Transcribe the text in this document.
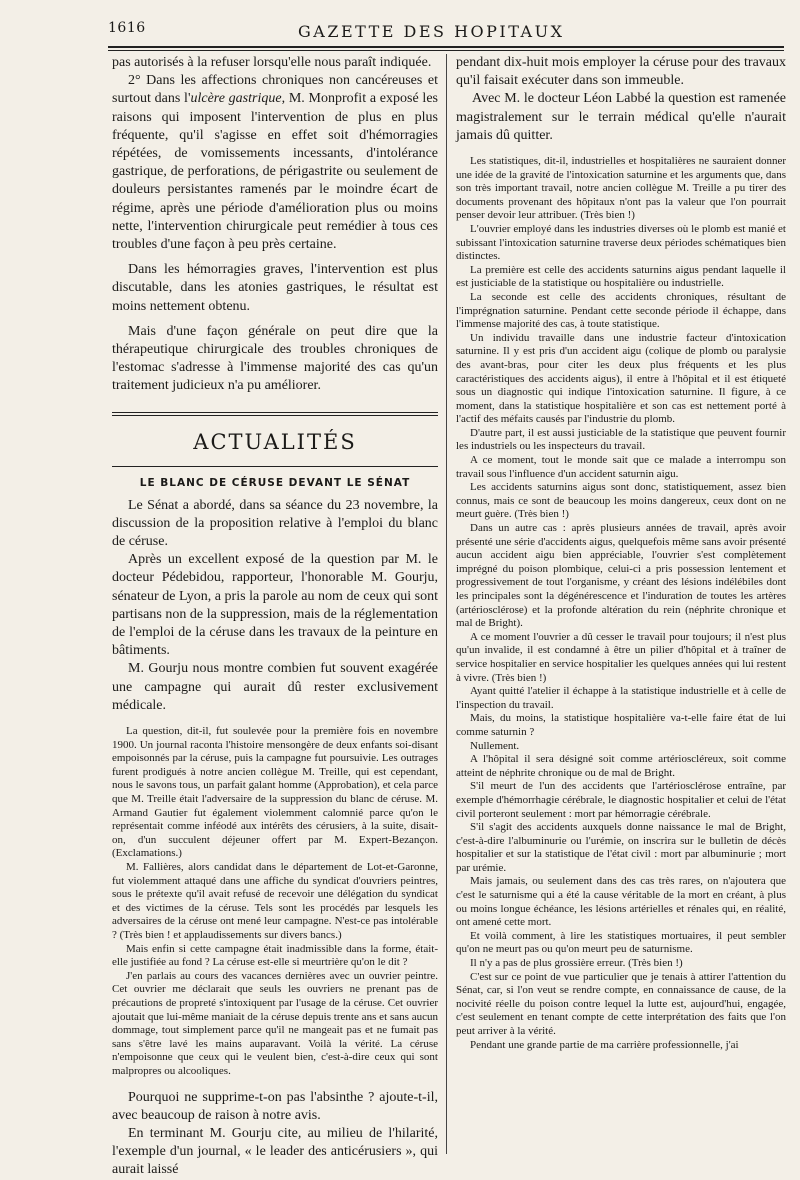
1616	GAZETTE DES HOPITAUX

pas autorisés à la refuser lorsqu'elle nous paraît indiquée.

2° Dans les affections chroniques non cancéreuses et surtout dans l'ulcère gastrique, M. Monprofit a exposé les raisons qui imposent l'intervention de plus en plus fréquente, qu'il s'agisse en effet soit d'hémorragies répétées, de vomissements incessants, d'intolérance gastrique, de perforations, de périgastrite ou seulement de douleurs persistantes ramenés par le moindre écart de régime, après une période d'amélioration plus ou moins nette, l'intervention chirurgicale peut remédier à tous ces troubles d'une façon à peu près certaine.

Dans les hémorragies graves, l'intervention est plus discutable, dans les atonies gastriques, le résultat est moins nettement obtenu.

Mais d'une façon générale on peut dire que la thérapeutique chirurgicale des troubles chroniques de l'estomac s'adresse à l'immense majorité des cas qu'un traitement judicieux n'a pu améliorer.

ACTUALITÉS
LE BLANC DE CÉRUSE DEVANT LE SÉNAT

Le Sénat a abordé, dans sa séance du 23 novembre, la discussion de la proposition relative à l'emploi du blanc de céruse.

Après un excellent exposé de la question par M. le docteur Pédebidou, rapporteur, l'honorable M. Gourju, sénateur de Lyon, a pris la parole au nom de ceux qui sont partisans non de la suppression, mais de la réglementation de l'emploi de la céruse dans les travaux de la peinture en bâtiments.

M. Gourju nous montre combien fut souvent exagérée une campagne qui aurait dû rester exclusivement médicale.

La question, dit-il, fut soulevée pour la première fois en novembre 1900. Un journal raconta l'histoire mensongère de deux enfants soi-disant empoisonnés par la céruse, puis la campagne fut poursuivie. Les outrages furent prodigués à notre ancien collègue M. Treille, qui est cependant, nous le savons tous, un parfait galant homme (Approbation), et cela parce que M. Treille était l'adversaire de la suppression du blanc de céruse. M. Armand Gautier fut également violemment calomnié parce qu'on le représentait comme inféodé aux intérêts des cérusiers, à la suite, disait-on, d'un succulent déjeuner offert par M. Expert-Bezançon. (Exclamations.)

M. Fallières, alors candidat dans le département de Lot-et-Garonne, fut violemment attaqué dans une affiche du syndicat d'ouvriers peintres, sous le prétexte qu'il avait refusé de recevoir une délégation du syndicat et des victimes de la céruse. Tels sont les procédés par lesquels les adversaires de la céruse ont mené leur campagne. N'est-ce pas intolérable ? (Très bien ! et applaudissements sur divers bancs.)

Mais enfin si cette campagne était inadmissible dans la forme, était-elle justifiée au fond ? La céruse est-elle si meurtrière qu'on le dit ?

J'en parlais au cours des vacances dernières avec un ouvrier peintre. Cet ouvrier me déclarait que seuls les ouvriers ne prenant pas de précautions de propreté s'intoxiquent par l'usage de la céruse. Cet ouvrier ajoutait que lui-même maniait de la céruse depuis trente ans et sans aucun dommage, tout simplement parce qu'il ne mangeait pas et ne fumait pas sans s'être lavé les mains auparavant. Voilà la vérité. La céruse n'empoisonne que ceux qui le veulent bien, c'est-à-dire ceux qui sont malpropres ou alcooliques.

Pourquoi ne supprime-t-on pas l'absinthe ? ajoute-t-il, avec beaucoup de raison à notre avis.

En terminant M. Gourju cite, au milieu de l'hilarité, l'exemple d'un journal, « le leader des anticérusiers », qui aurait laissé

pendant dix-huit mois employer la céruse pour des travaux qu'il faisait exécuter dans son immeuble.

Avec M. le docteur Léon Labbé la question est ramenée magistralement sur le terrain médical qu'elle n'aurait jamais dû quitter.

Les statistiques, dit-il, industrielles et hospitalières ne sauraient donner une idée de la gravité de l'intoxication saturnine et les arguments que, dans son très important travail, notre ancien collègue M. Treille a pu tirer des documents provenant des hôpitaux n'ont pas la valeur que l'on pourrait penser devoir leur attribuer. (Très bien !)

L'ouvrier employé dans les industries diverses où le plomb est manié et subissant l'intoxication saturnine traverse deux périodes schématiques bien distinctes.

La première est celle des accidents saturnins aigus pendant laquelle il est justiciable de la statistique ou hospitalière ou industrielle.

La seconde est celle des accidents chroniques, résultant de l'imprégnation saturnine. Pendant cette seconde période il échappe, dans l'immense majorité des cas, à toute statistique.

Un individu travaille dans une industrie facteur d'intoxication saturnine. Il y est pris d'un accident aigu (colique de plomb ou paralysie des avant-bras, pour citer les deux plus fréquents et les plus caractéristiques des accidents aigus), il entre à l'hôpital et il est étiqueté sous un diagnostic qui indique l'intoxication saturnine. Il figure, à ce moment, dans la statistique hospitalière et son cas est nettement porté à l'actif des méfaits causés par l'industrie du plomb.

D'autre part, il est aussi justiciable de la statistique que peuvent fournir les industriels ou les inspecteurs du travail.

A ce moment, tout le monde sait que ce malade a interrompu son travail sous l'influence d'un accident saturnin aigu.

Les accidents saturnins aigus sont donc, statistiquement, assez bien connus, mais ce sont de beaucoup les moins dangereux, ceux dont on ne meurt guère. (Très bien !)

Dans un autre cas : après plusieurs années de travail, après avoir présenté une série d'accidents aigus, quelquefois même sans avoir présenté aucun accident aigu bien appréciable, l'ouvrier s'est complètement imprégné du poison plombique, celui-ci a pris possession lentement et progressivement de tout l'organisme, y créant des lésions indélébiles dont les principales sont la dégénérescence et l'induration de toutes les artères (artériosclérose) et la profonde altération du rein (néphrite chronique et mal de Bright).

A ce moment l'ouvrier a dû cesser le travail pour toujours; il n'est plus qu'un invalide, il est condamné à être un pilier d'hôpital et à traîner de service hospitalier en service hospitalier les quelques années qui lui restent à vivre. (Très bien !)

Ayant quitté l'atelier il échappe à la statistique industrielle et à celle de l'inspection du travail.

Mais, du moins, la statistique hospitalière va-t-elle faire état de lui comme saturnin ?

Nullement.

A l'hôpital il sera désigné soit comme artérioscléreux, soit comme atteint de néphrite chronique ou de mal de Bright.

S'il meurt de l'un des accidents que l'artériosclérose entraîne, par exemple d'hémorrhagie cérébrale, le diagnostic hospitalier et celui de l'état civil porteront seulement : mort par hémorragie cérébrale.

S'il s'agit des accidents auxquels donne naissance le mal de Bright, c'est-à-dire l'albuminurie ou l'urémie, on inscrira sur le bulletin de décès hospitalier et sur la statistique de l'état civil : mort par albuminurie ; mort par urémie.

Mais jamais, ou seulement dans des cas très rares, on n'ajoutera que c'est le saturnisme qui a été la cause véritable de la mort en créant, à plus ou moins longue échéance, les lésions artérielles et rénales qui, en réalité, ont amené cette mort.

Et voilà comment, à lire les statistiques mortuaires, il peut sembler qu'on ne meurt pas ou qu'on meurt peu de saturnisme.

Il n'y a pas de plus grossière erreur. (Très bien !)

C'est sur ce point de vue particulier que je tenais à attirer l'attention du Sénat, car, si l'on veut se rendre compte, en connaissance de cause, de la nocivité réelle du poison contre lequel la lutte est, aujourd'hui, engagée, c'est seulement en tenant compte de cette interprétation des faits que l'on peut arriver à la vérité.

Pendant une grande partie de ma carrière professionnelle, j'ai
